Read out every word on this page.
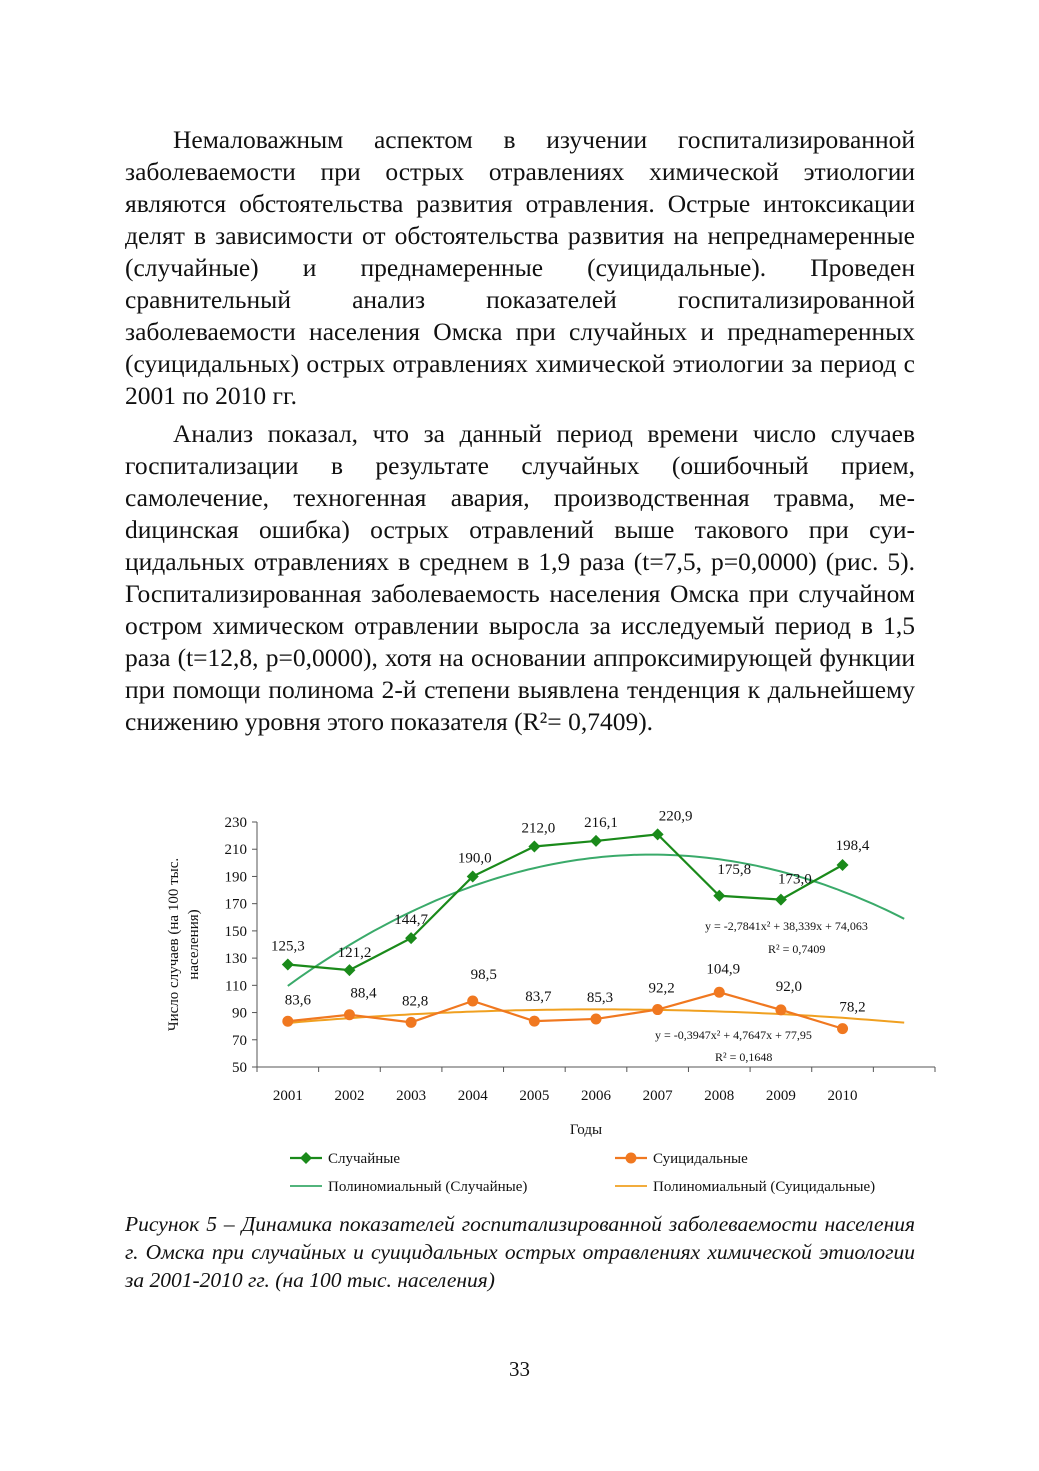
Немаловажным аспектом в изучении госпитализированной заболеваемости при острых отравлениях химической этиологии являются обстоятельства развития отравления. Острые интоксикации делят в зависимости от обстоятельства развития на непреднамеренные (случайные) и преднамеренные (суицидальные). Проведен сравнительный анализ показателей госпитализированной заболеваемости населения Омска при случайных и преднаmеренных (суицидальных) острых отравлениях химической этиологии за период с 2001 по 2010 гг.

Анализ показал, что за данный период времени число случаев госпитализации в результате случайных (ошибочный прием, самолечение, техногенная авария, производственная травма, меdицинская ошибка) острых отравлений выше такового при суицидальных отравлениях в среднем в 1,9 раза (t=7,5, p=0,0000) (рис. 5). Госпитализированная заболеваемость населения Омска при случайном остром химическом отравлении выросла за исследуемый период в 1,5 раза (t=12,8, p=0,0000), хотя на основании аппроксимирующей функции при помощи полинома 2-й степени выявлена тенденция к дальнейшему снижению уровня этого показателя (R²= 0,7409).

50
70
90
110
130
150
170
190
210
230
2001 2002 2003 2004 2005 2006 2007 2008 2009 2010
Годы
Число случаев (на 100 тыс. населения)	125,3 121,2
144,7
190,0
212,0 216,1	220,9
175,8
173,0
198,4
83,6	88,4 82,8
98,5
83,7 85,3
92,2
104,9
92,0
78,2
y = -2,7841x² + 38,339x + 74,063
R² = 0,7409
y = -0,3947x² + 4,7647x + 77,95
R² = 0,1648
Случайные	Суицидальные
Полиномиальный (Случайные)	Полиномиальный (Суицидальные)

Рисунок 5 – Динамика показателей госпитализированной заболеваемости населения г. Омска при случайных и суицидальных острых отравлениях химической этиологии за 2001-2010 гг. (на 100 тыс. населения)

33
